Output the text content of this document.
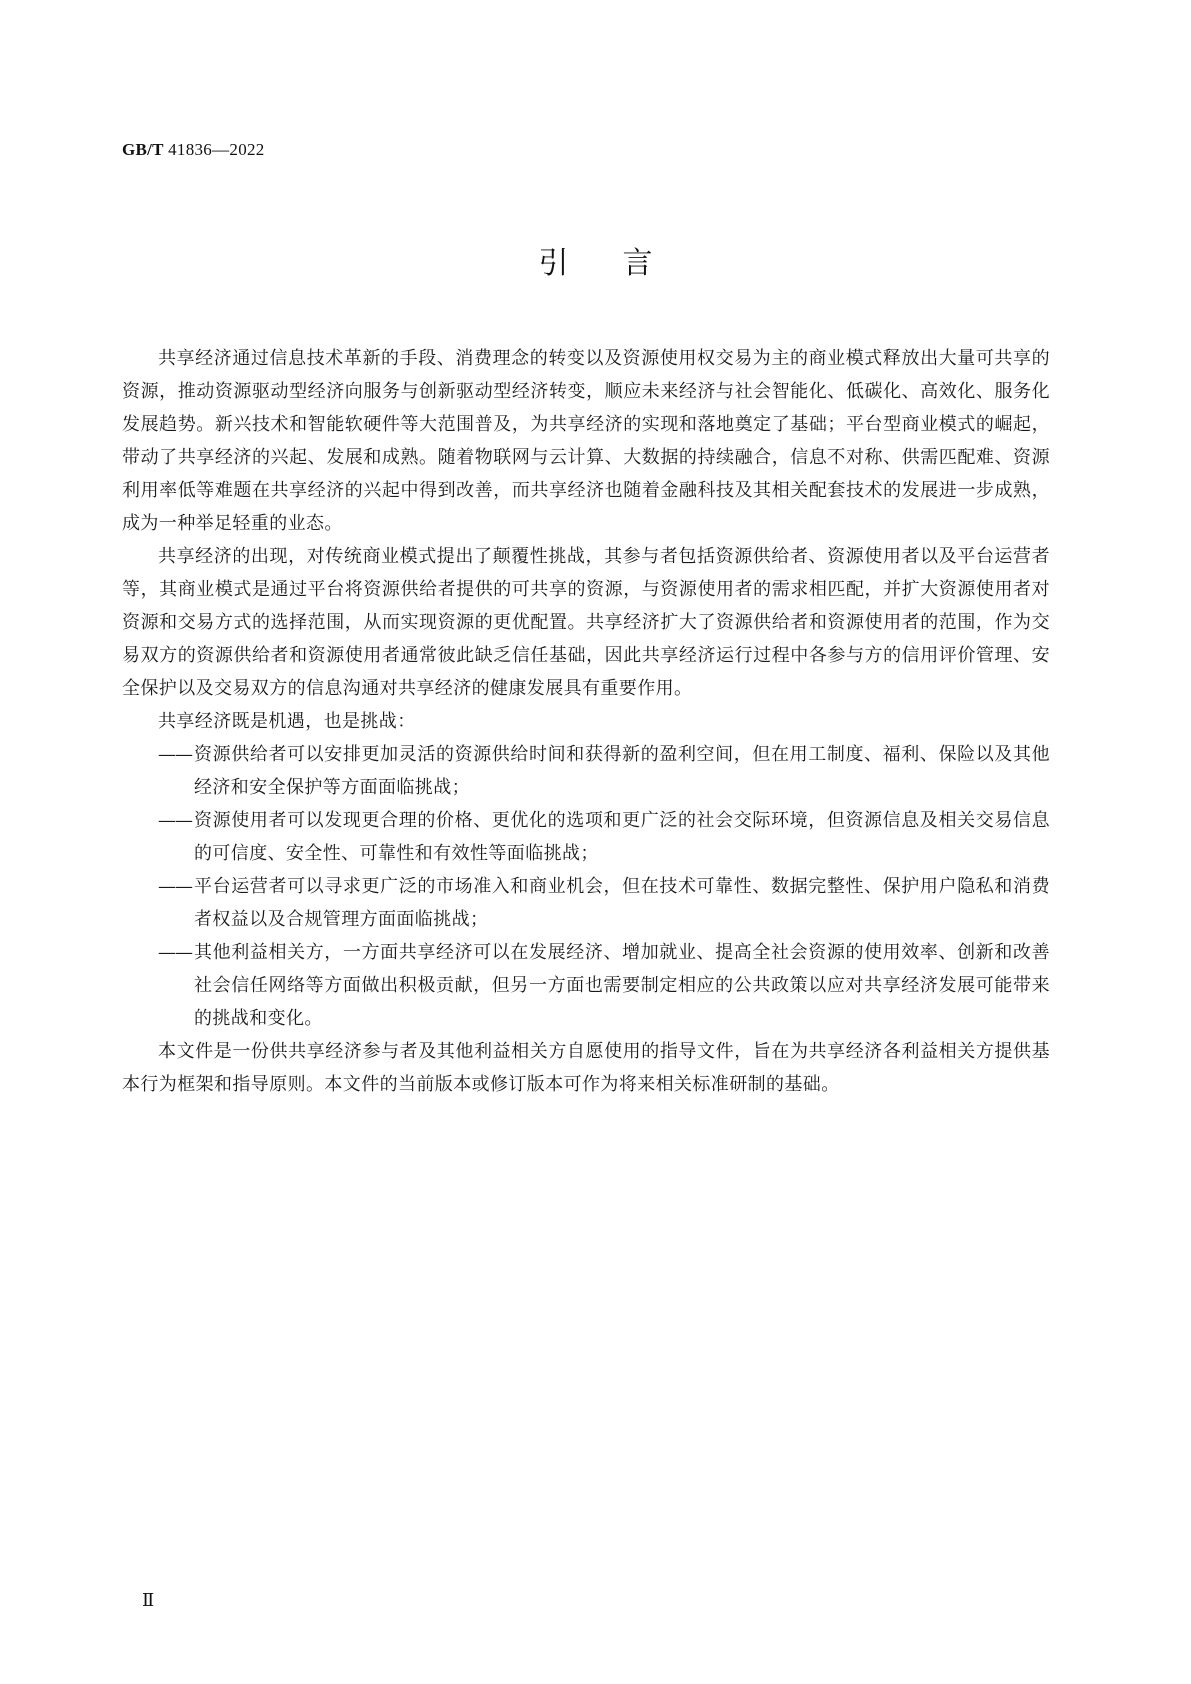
GB/T 41836—2022
引言

共享经济通过信息技术革新的手段、消费理念的转变以及资源使用权交易为主的商业模式释放出大量可共享的资源，推动资源驱动型经济向服务与创新驱动型经济转变，顺应未来经济与社会智能化、低碳化、高效化、服务化发展趋势。新兴技术和智能软硬件等大范围普及，为共享经济的实现和落地奠定了基础；平台型商业模式的崛起，带动了共享经济的兴起、发展和成熟。随着物联网与云计算、大数据的持续融合，信息不对称、供需匹配难、资源利用率低等难题在共享经济的兴起中得到改善，而共享经济也随着金融科技及其相关配套技术的发展进一步成熟，成为一种举足轻重的业态。

共享经济的出现，对传统商业模式提出了颠覆性挑战，其参与者包括资源供给者、资源使用者以及平台运营者等，其商业模式是通过平台将资源供给者提供的可共享的资源，与资源使用者的需求相匹配，并扩大资源使用者对资源和交易方式的选择范围，从而实现资源的更优配置。共享经济扩大了资源供给者和资源使用者的范围，作为交易双方的资源供给者和资源使用者通常彼此缺乏信任基础，因此共享经济运行过程中各参与方的信用评价管理、安全保护以及交易双方的信息沟通对共享经济的健康发展具有重要作用。

共享经济既是机遇，也是挑战：

—— 资源供给者可以安排更加灵活的资源供给时间和获得新的盈利空间，但在用工制度、福利、保险以及其他经济和安全保护等方面面临挑战；
—— 资源使用者可以发现更合理的价格、更优化的选项和更广泛的社会交际环境，但资源信息及相关交易信息的可信度、安全性、可靠性和有效性等面临挑战；
—— 平台运营者可以寻求更广泛的市场准入和商业机会，但在技术可靠性、数据完整性、保护用户隐私和消费者权益以及合规管理方面面临挑战；
—— 其他利益相关方，一方面共享经济可以在发展经济、增加就业、提高全社会资源的使用效率、创新和改善社会信任网络等方面做出积极贡献，但另一方面也需要制定相应的公共政策以应对共享经济发展可能带来的挑战和变化。

本文件是一份供共享经济参与者及其他利益相关方自愿使用的指导文件，旨在为共享经济各利益相关方提供基本行为框架和指导原则。本文件的当前版本或修订版本可作为将来相关标准研制的基础。

Ⅱ
